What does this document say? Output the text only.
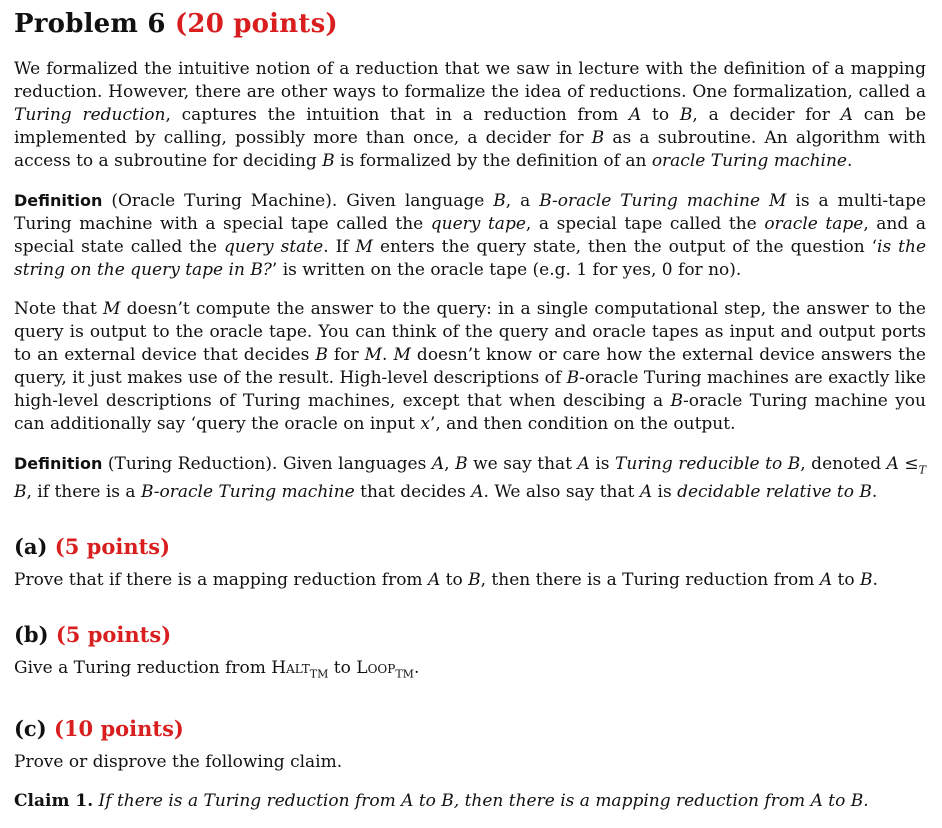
Problem 6 (20 points)

We formalized the intuitive notion of a reduction that we saw in lecture with the definition of a mapping reduction. However, there are other ways to formalize the idea of reductions. One formalization, called a Turing reduction, captures the intuition that in a reduction from A to B, a decider for A can be implemented by calling, possibly more than once, a decider for B as a subroutine. An algorithm with access to a subroutine for deciding B is formalized by the definition of an oracle Turing machine.

Definition (Oracle Turing Machine). Given language B, a B-oracle Turing machine M is a multi-tape Turing machine with a special tape called the query tape, a special tape called the oracle tape, and a special state called the query state. If M enters the query state, then the output of the question ‘is the string on the query tape in B?’ is written on the oracle tape (e.g. 1 for yes, 0 for no).

Note that M doesn’t compute the answer to the query: in a single computational step, the answer to the query is output to the oracle tape. You can think of the query and oracle tapes as input and output ports to an external device that decides B for M. M doesn’t know or care how the external device answers the query, it just makes use of the result. High-level descriptions of B-oracle Turing machines are exactly like high-level descriptions of Turing machines, except that when descibing a B-oracle Turing machine you can additionally say ‘query the oracle on input x’, and then condition on the output.

Definition (Turing Reduction). Given languages A, B we say that A is Turing reducible to B, denoted $A \le_T$ B, if there is a B-oracle Turing machine that decides A. We also say that A is decidable relative to B.

(a) (5 points)

Prove that if there is a mapping reduction from A to B, then there is a Turing reduction from A to B.

(b) (5 points)

Give a Turing reduction from Halt$_{TM}$ to Loop$_{TM}$.

(c) (10 points)

Prove or disprove the following claim.

Claim 1. If there is a Turing reduction from A to B, then there is a mapping reduction from A to B.
